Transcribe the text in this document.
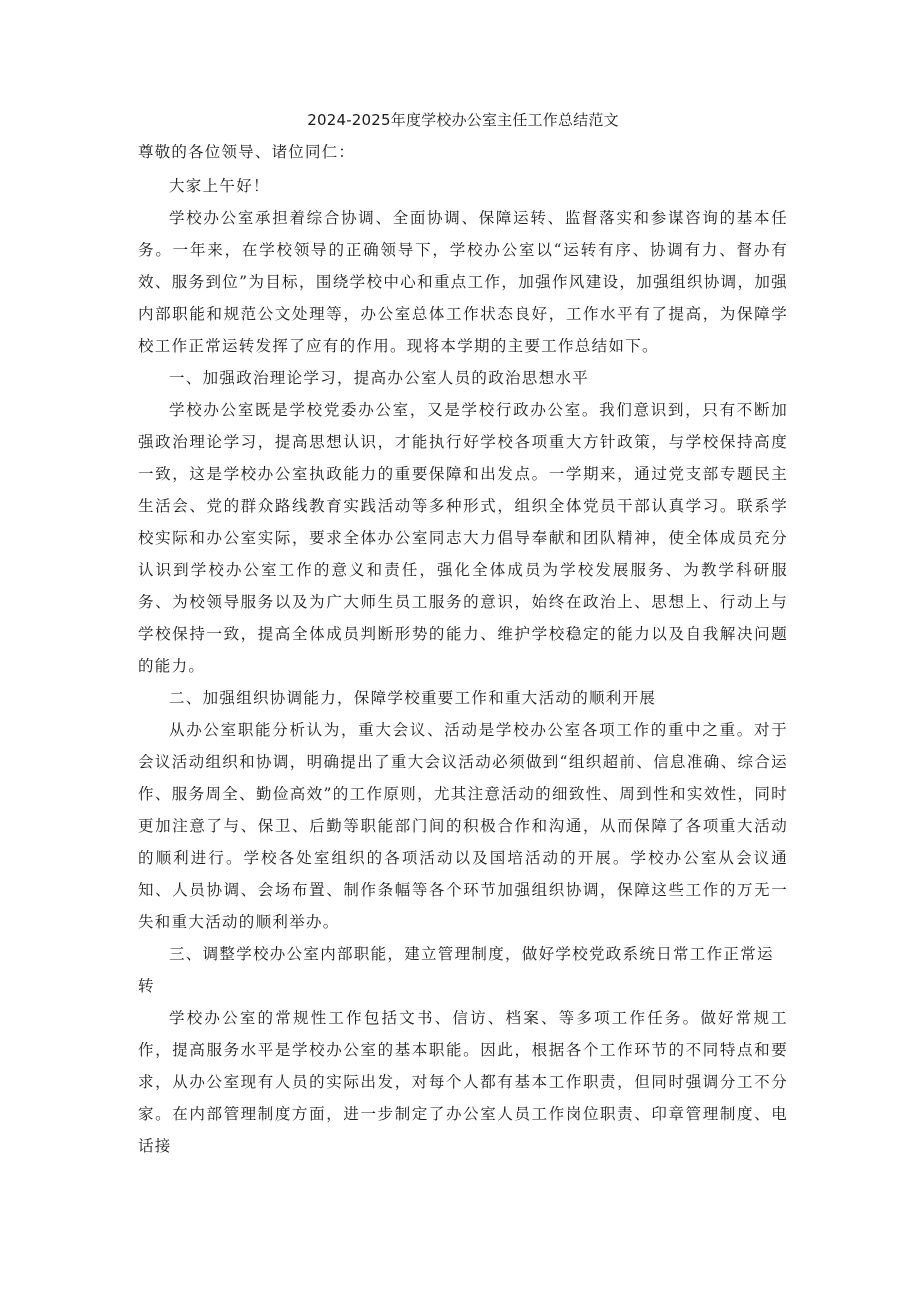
2024-2025年度学校办公室主任工作总结范文

尊敬的各位领导、诸位同仁：

大家上午好！

学校办公室承担着综合协调、全面协调、保障运转、监督落实和参谋咨询的基本任务。一年来，在学校领导的正确领导下，学校办公室以“运转有序、协调有力、督办有效、服务到位”为目标，围绕学校中心和重点工作，加强作风建设，加强组织协调，加强内部职能和规范公文处理等，办公室总体工作状态良好，工作水平有了提高，为保障学校工作正常运转发挥了应有的作用。现将本学期的主要工作总结如下。

一、加强政治理论学习，提高办公室人员的政治思想水平

学校办公室既是学校党委办公室，又是学校行政办公室。我们意识到，只有不断加强政治理论学习，提高思想认识，才能执行好学校各项重大方针政策，与学校保持高度一致，这是学校办公室执政能力的重要保障和出发点。一学期来，通过党支部专题民主生活会、党的群众路线教育实践活动等多种形式，组织全体党员干部认真学习。联系学校实际和办公室实际，要求全体办公室同志大力倡导奉献和团队精神，使全体成员充分认识到学校办公室工作的意义和责任，强化全体成员为学校发展服务、为教学科研服务、为校领导服务以及为广大师生员工服务的意识，始终在政治上、思想上、行动上与学校保持一致，提高全体成员判断形势的能力、维护学校稳定的能力以及自我解决问题的能力。

二、加强组织协调能力，保障学校重要工作和重大活动的顺利开展

从办公室职能分析认为，重大会议、活动是学校办公室各项工作的重中之重。对于会议活动组织和协调，明确提出了重大会议活动必须做到“组织超前、信息准确、综合运作、服务周全、勤俭高效”的工作原则，尤其注意活动的细致性、周到性和实效性，同时更加注意了与、保卫、后勤等职能部门间的积极合作和沟通，从而保障了各项重大活动的顺利进行。学校各处室组织的各项活动以及国培活动的开展。学校办公室从会议通知、人员协调、会场布置、制作条幅等各个环节加强组织协调，保障这些工作的万无一失和重大活动的顺利举办。

三、调整学校办公室内部职能，建立管理制度，做好学校党政系统日常工作正常运转

学校办公室的常规性工作包括文书、信访、档案、等多项工作任务。做好常规工作，提高服务水平是学校办公室的基本职能。因此，根据各个工作环节的不同特点和要求，从办公室现有人员的实际出发，对每个人都有基本工作职责，但同时强调分工不分家。在内部管理制度方面，进一步制定了办公室人员工作岗位职责、印章管理制度、电话接
